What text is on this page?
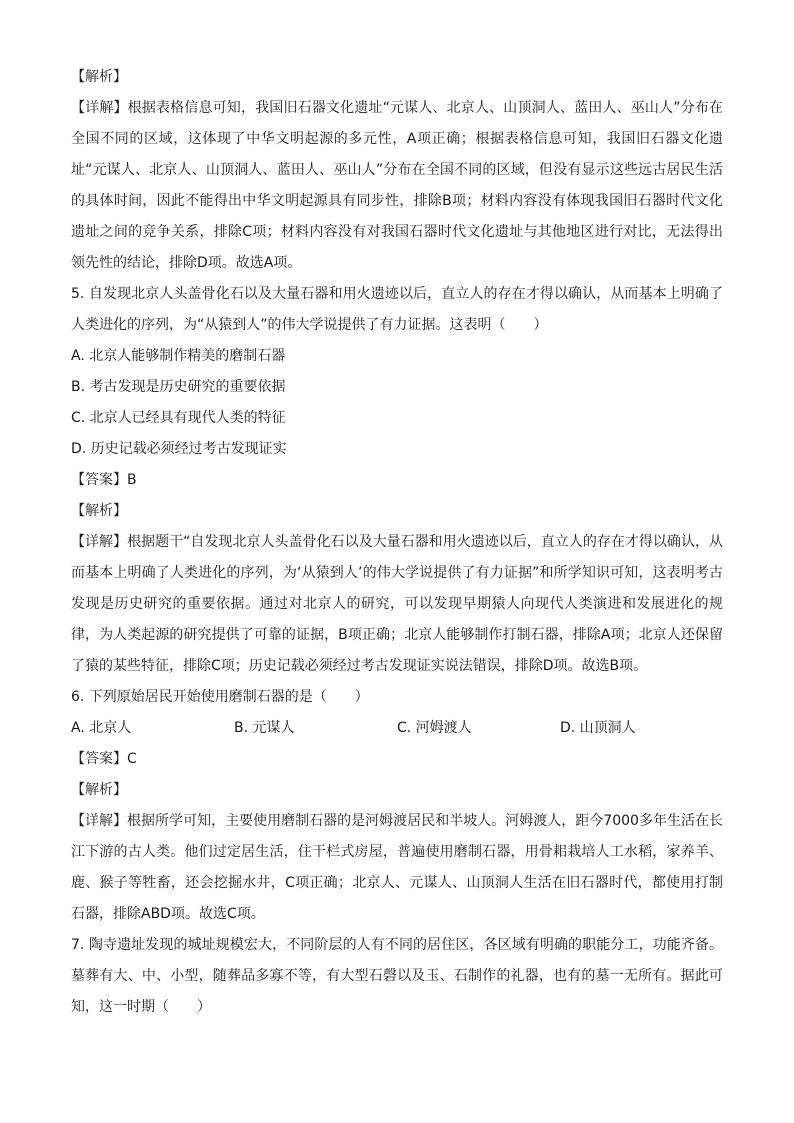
【解析】
【详解】根据表格信息可知，我国旧石器文化遗址“元谋人、北京人、山顶洞人、蓝田人、巫山人”分布在全国不同的区域，这体现了中华文明起源的多元性，A项正确；根据表格信息可知，我国旧石器文化遗址“元谋人、北京人、山顶洞人、蓝田人、巫山人”分布在全国不同的区域，但没有显示这些远古居民生活的具体时间，因此不能得出中华文明起源具有同步性，排除B项；材料内容没有体现我国旧石器时代文化遗址之间的竞争关系，排除C项；材料内容没有对我国石器时代文化遗址与其他地区进行对比，无法得出领先性的结论，排除D项。故选A项。
5. 自发现北京人头盖骨化石以及大量石器和用火遗迹以后，直立人的存在才得以确认，从而基本上明确了人类进化的序列，为“从猿到人”的伟大学说提供了有力证据。这表明（　　）
A. 北京人能够制作精美的磨制石器
B. 考古发现是历史研究的重要依据
C. 北京人已经具有现代人类的特征
D. 历史记载必须经过考古发现证实
【答案】B
【解析】
【详解】根据题干“自发现北京人头盖骨化石以及大量石器和用火遗迹以后，直立人的存在才得以确认，从而基本上明确了人类进化的序列，为‘从猿到人’的伟大学说提供了有力证据”和所学知识可知，这表明考古发现是历史研究的重要依据。通过对北京人的研究，可以发现早期猿人向现代人类演进和发展进化的规律，为人类起源的研究提供了可靠的证据，B项正确；北京人能够制作打制石器，排除A项；北京人还保留了猿的某些特征，排除C项；历史记载必须经过考古发现证实说法错误，排除D项。故选B项。
6. 下列原始居民开始使用磨制石器的是（　　）
A. 北京人	B. 元谋人	C. 河姆渡人	D. 山顶洞人
【答案】C
【解析】
【详解】根据所学可知，主要使用磨制石器的是河姆渡居民和半坡人。河姆渡人，距今7000多年生活在长江下游的古人类。他们过定居生活，住干栏式房屋，普遍使用磨制石器，用骨耜栽培人工水稻，家养羊、鹿、猴子等牲畜，还会挖掘水井，C项正确；北京人、元谋人、山顶洞人生活在旧石器时代，都使用打制石器，排除ABD项。故选C项。
7. 陶寺遗址发现的城址规模宏大，不同阶层的人有不同的居住区，各区域有明确的职能分工，功能齐备。墓葬有大、中、小型，随葬品多寡不等，有大型石磬以及玉、石制作的礼器，也有的墓一无所有。据此可知，这一时期（　　）
